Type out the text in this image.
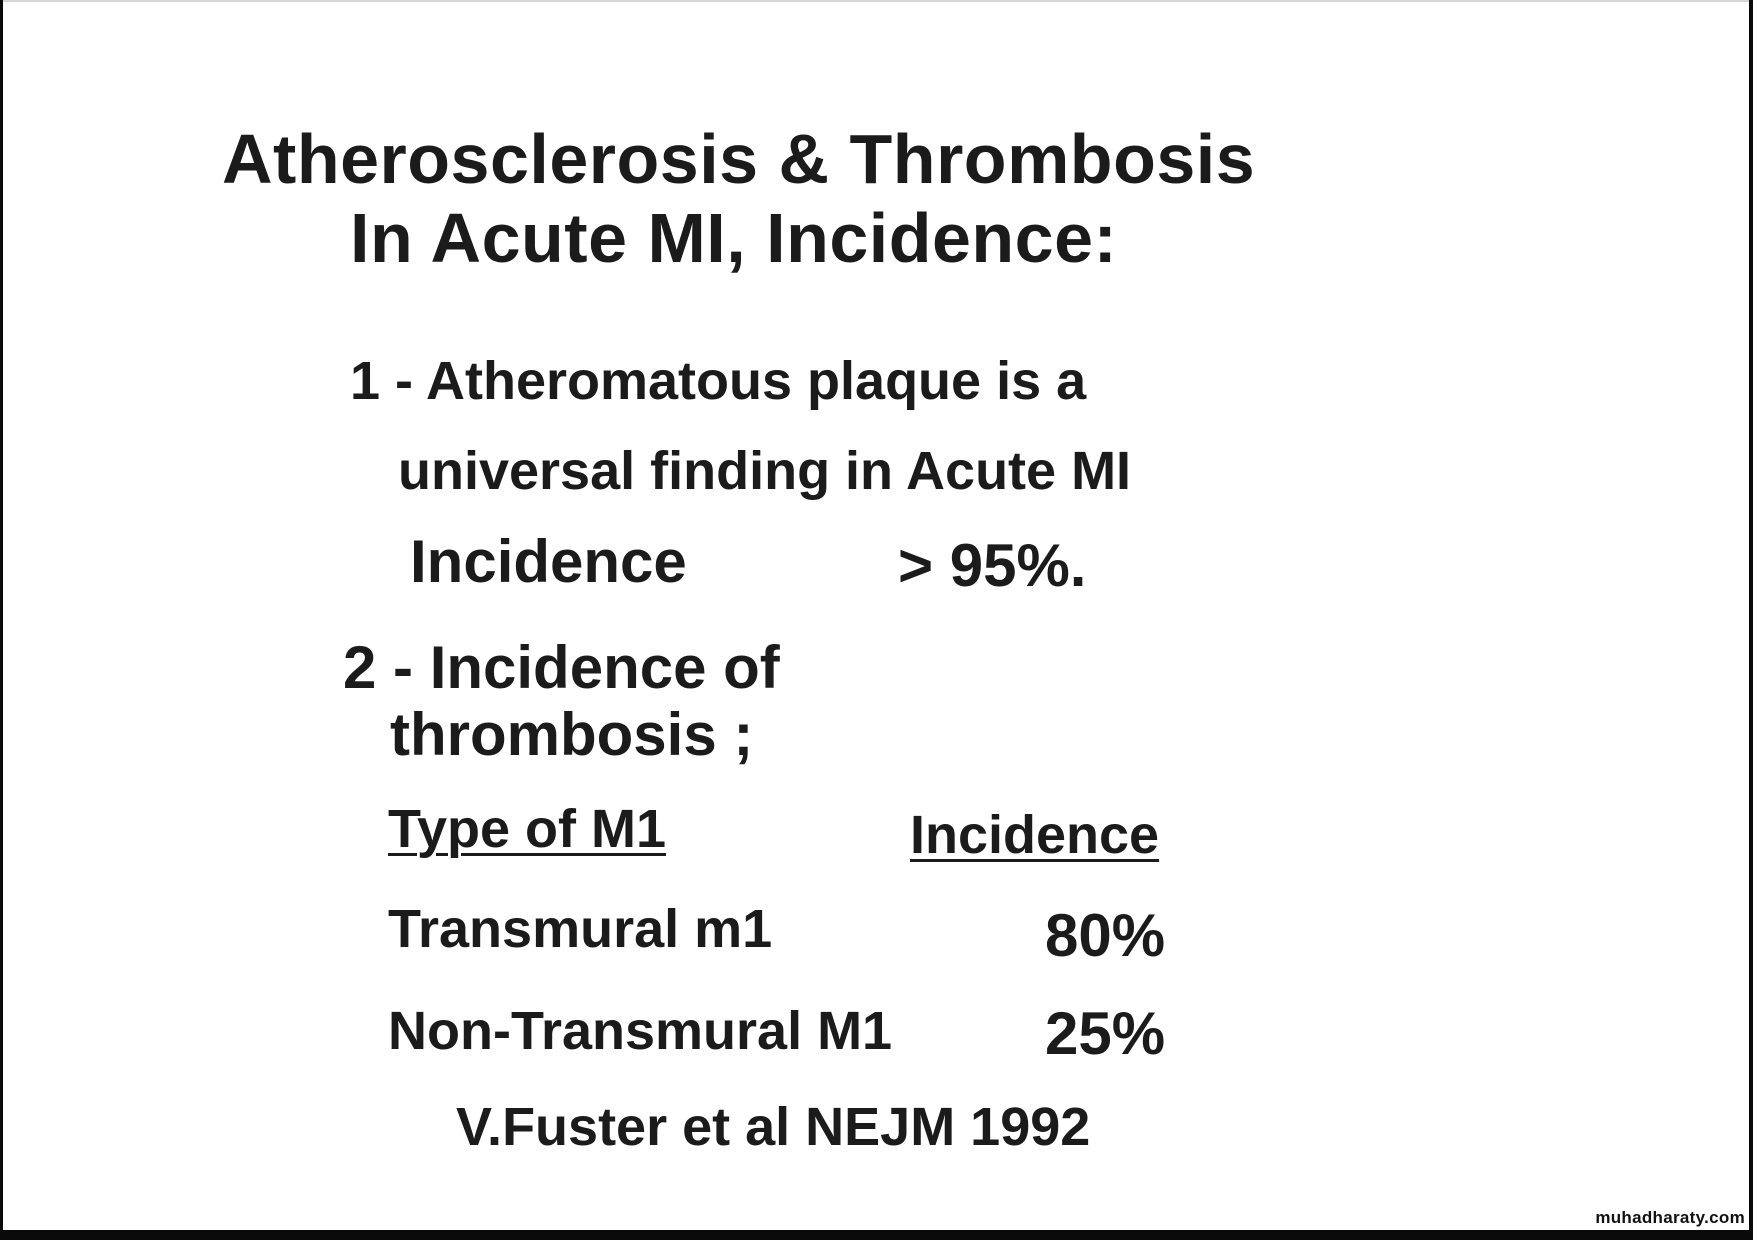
Atherosclerosis & Thrombosis
In Acute MI, Incidence:
1 - Atheromatous plaque is a
universal finding in Acute MI
Incidence	> 95%.
2 - Incidence of
thrombosis ;
Type of M1	Incidence
Transmural m1	80%
Non-Transmural M1	25%
V.Fuster et al NEJM 1992
muhadharaty.com
